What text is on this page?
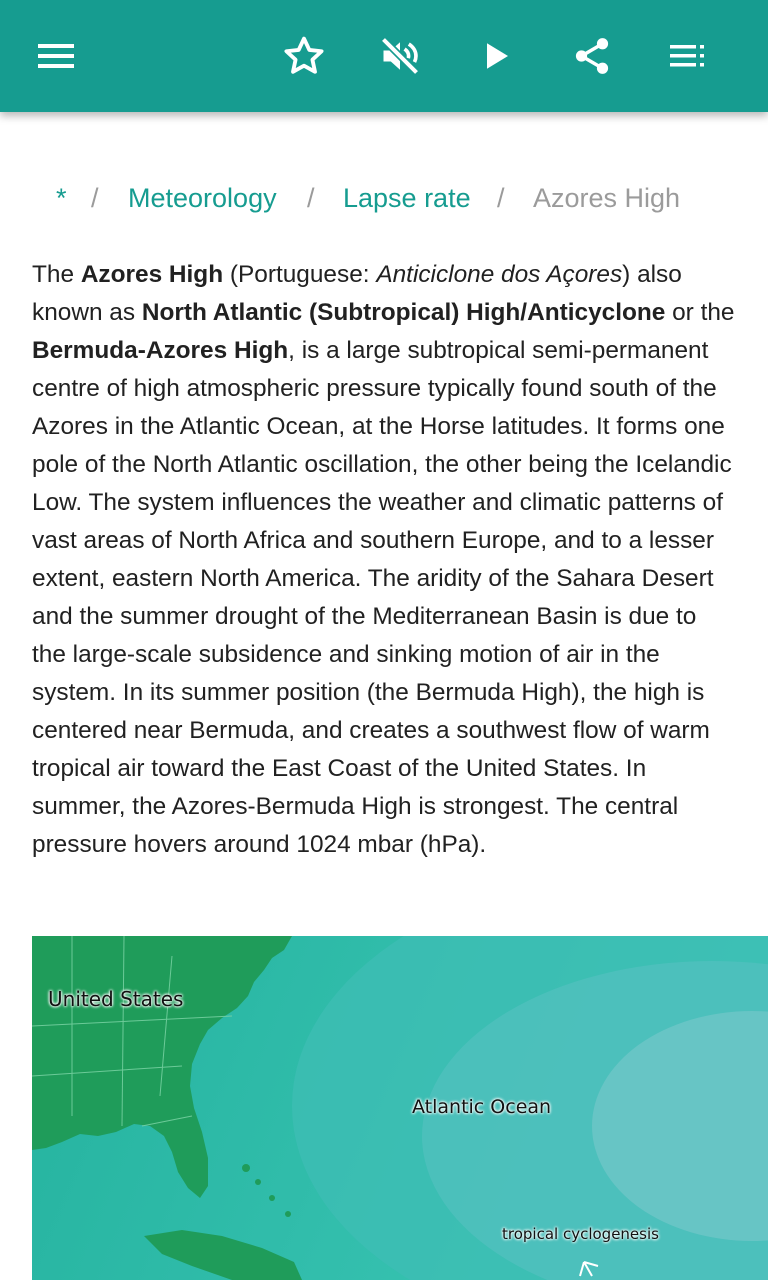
* / Meteorology / Lapse rate / Azores High

The Azores High (Portuguese: Anticiclone dos Açores) also known as North Atlantic (Subtropical) High/Anticyclone or the Bermuda-Azores High, is a large subtropical semi-permanent centre of high atmospheric pressure typically found south of the Azores in the Atlantic Ocean, at the Horse latitudes. It forms one pole of the North Atlantic oscillation, the other being the Icelandic Low. The system influences the weather and climatic patterns of vast areas of North Africa and southern Europe, and to a lesser extent, eastern North America. The aridity of the Sahara Desert and the summer drought of the Mediterranean Basin is due to the large-scale subsidence and sinking motion of air in the system. In its summer position (the Bermuda High), the high is centered near Bermuda, and creates a southwest flow of warm tropical air toward the East Coast of the United States. In summer, the Azores-Bermuda High is strongest. The central pressure hovers around 1024 mbar (hPa).

United States
Atlantic Ocean
tropical cyclogenesis
